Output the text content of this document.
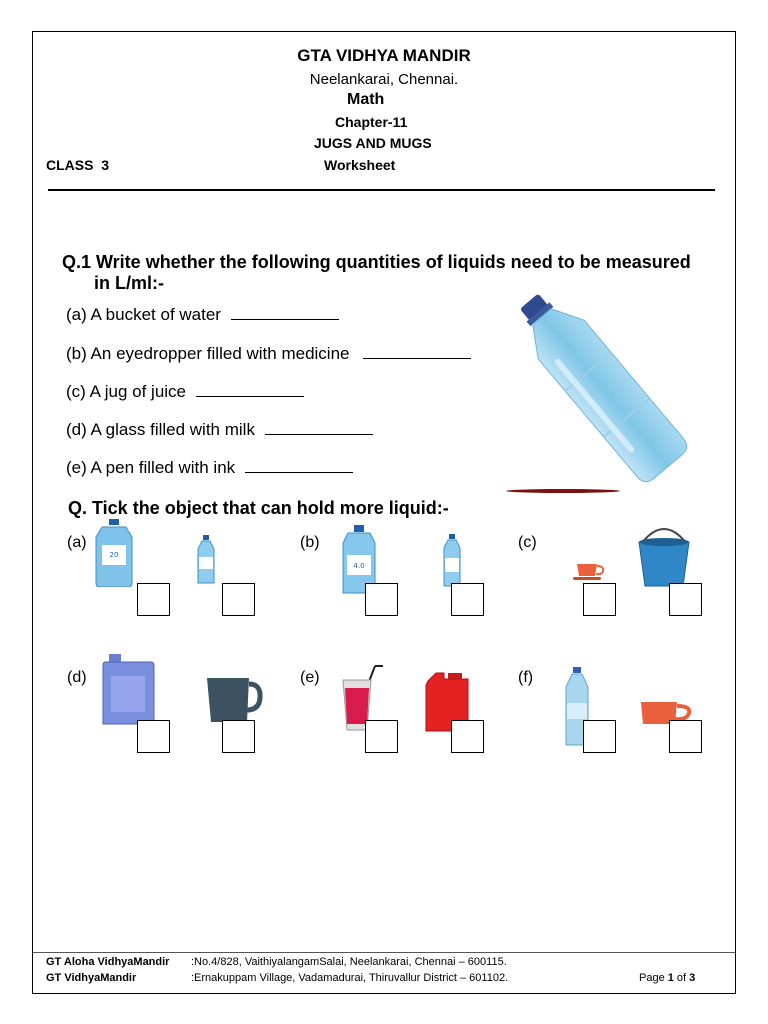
GTA VIDHYA MANDIR
Neelankarai, Chennai.
Math
Chapter-11
JUGS AND MUGS
CLASS  3	Worksheet
Q.1 Write whether the following quantities of liquids need to be measured
in L/ml:-
(a) A bucket of water
(b) An eyedropper filled with medicine
(c) A jug of juice
(d) A glass filled with milk
(e) A pen filled with ink
Q. Tick the object that can hold more liquid:-
(a)	(b)	(c)
(d)	(e)	(f)
20
4.0
GT Aloha VidhyaMandir :No.4/828, VaithiyalangamSalai, Neelankarai, Chennai – 600115.
GT VidhyaMandir	:Ernakuppam Village, Vadamadurai, Thiruvallur District – 601102.	Page 1 of 3
